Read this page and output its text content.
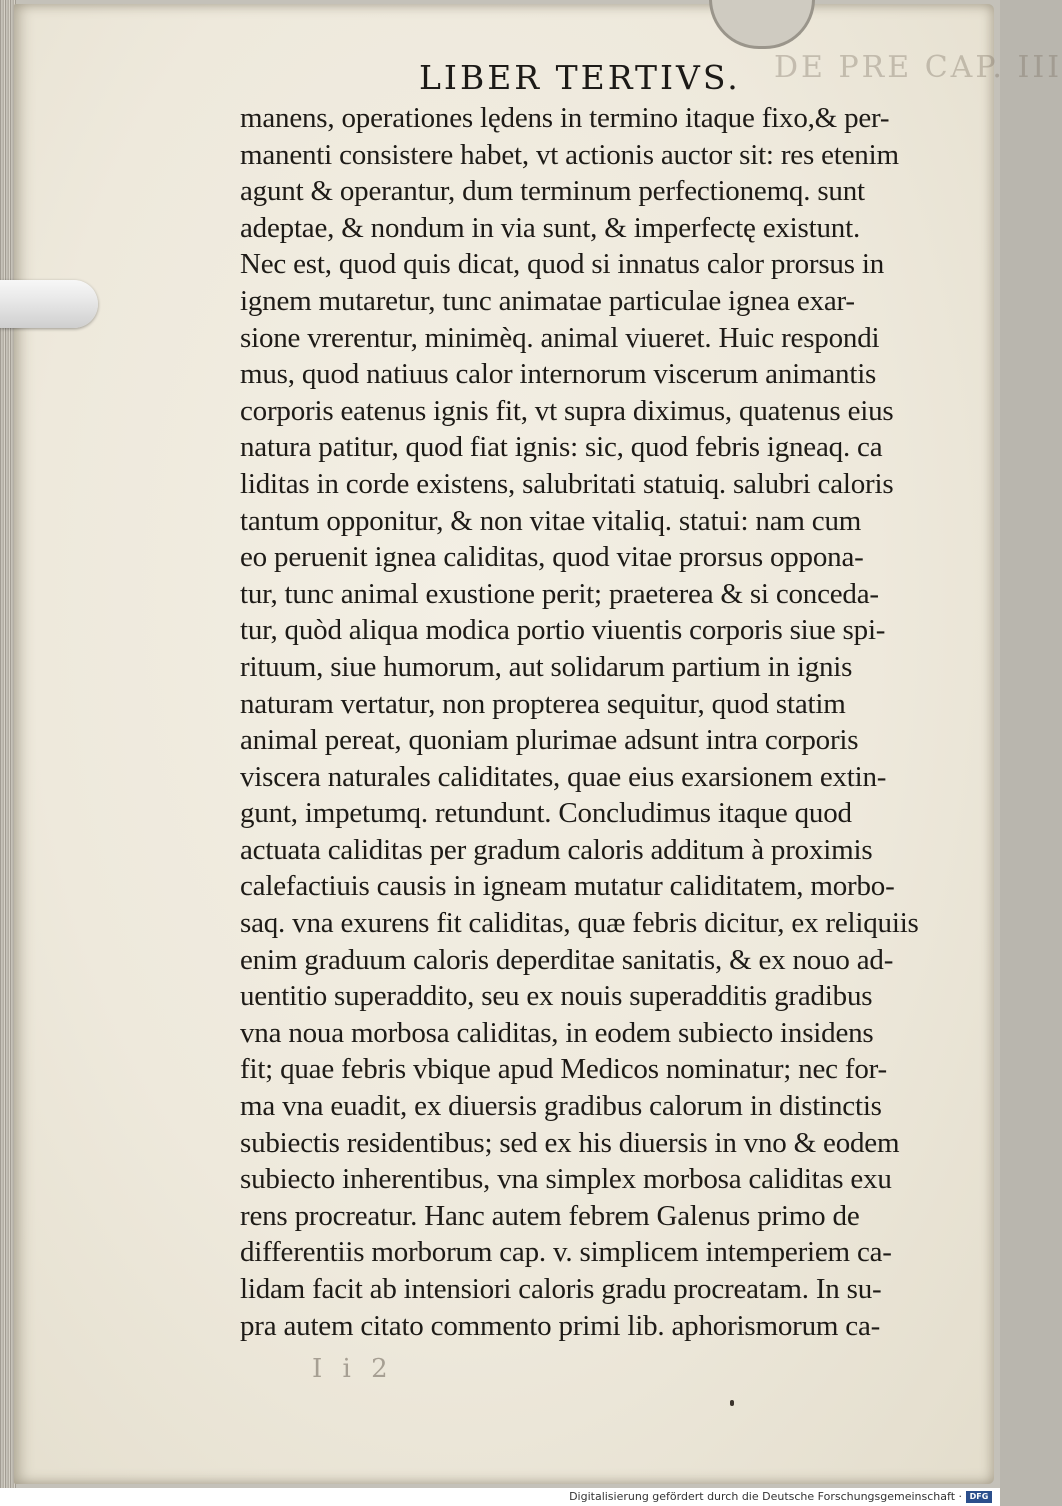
DE PRE CAP. III
LIBER TERTIVS.
manens, operationes lędens in termino itaque fixo,& per-
manenti consistere habet, vt actionis auctor sit: res etenim
agunt & operantur, dum terminum perfectionemq. sunt
adeptae, & nondum in via sunt, & imperfectę existunt.
Nec est, quod quis dicat, quod si innatus calor prorsus in
ignem mutaretur, tunc animatae particulae ignea exar-
sione vrerentur, minimèq. animal viueret. Huic respondi
mus, quod natiuus calor internorum viscerum animantis
corporis eatenus ignis fit, vt supra diximus, quatenus eius
natura patitur, quod fiat ignis: sic, quod febris igneaq. ca
liditas in corde existens, salubritati statuiq. salubri caloris
tantum opponitur, & non vitae vitaliq. statui: nam cum
eo peruenit ignea caliditas, quod vitae prorsus oppona-
tur, tunc animal exustione perit; praeterea & si conceda-
tur, quòd aliqua modica portio viuentis corporis siue spi-
rituum, siue humorum, aut solidarum partium in ignis
naturam vertatur, non propterea sequitur, quod statim
animal pereat, quoniam plurimae adsunt intra corporis
viscera naturales caliditates, quae eius exarsionem extin-
gunt, impetumq. retundunt. Concludimus itaque quod
actuata caliditas per gradum caloris additum à proximis
calefactiuis causis in igneam mutatur caliditatem, morbo-
saq. vna exurens fit caliditas, quæ febris dicitur, ex reliquiis
enim graduum caloris deperditae sanitatis, & ex nouo ad-
uentitio superaddito, seu ex nouis superadditis gradibus
vna noua morbosa caliditas, in eodem subiecto insidens
fit; quae febris vbique apud Medicos nominatur; nec for-
ma vna euadit, ex diuersis gradibus calorum in distinctis
subiectis residentibus; sed ex his diuersis in vno & eodem
subiecto inherentibus, vna simplex morbosa caliditas exu
rens procreatur. Hanc autem febrem Galenus primo de
differentiis morborum cap. v. simplicem intemperiem ca-
lidam facit ab intensiori caloris gradu procreatam. In su-
pra autem citato commento primi lib. aphorismorum ca-
I i 2
Digitalisierung gefördert durch die Deutsche Forschungsgemeinschaft · DFG
